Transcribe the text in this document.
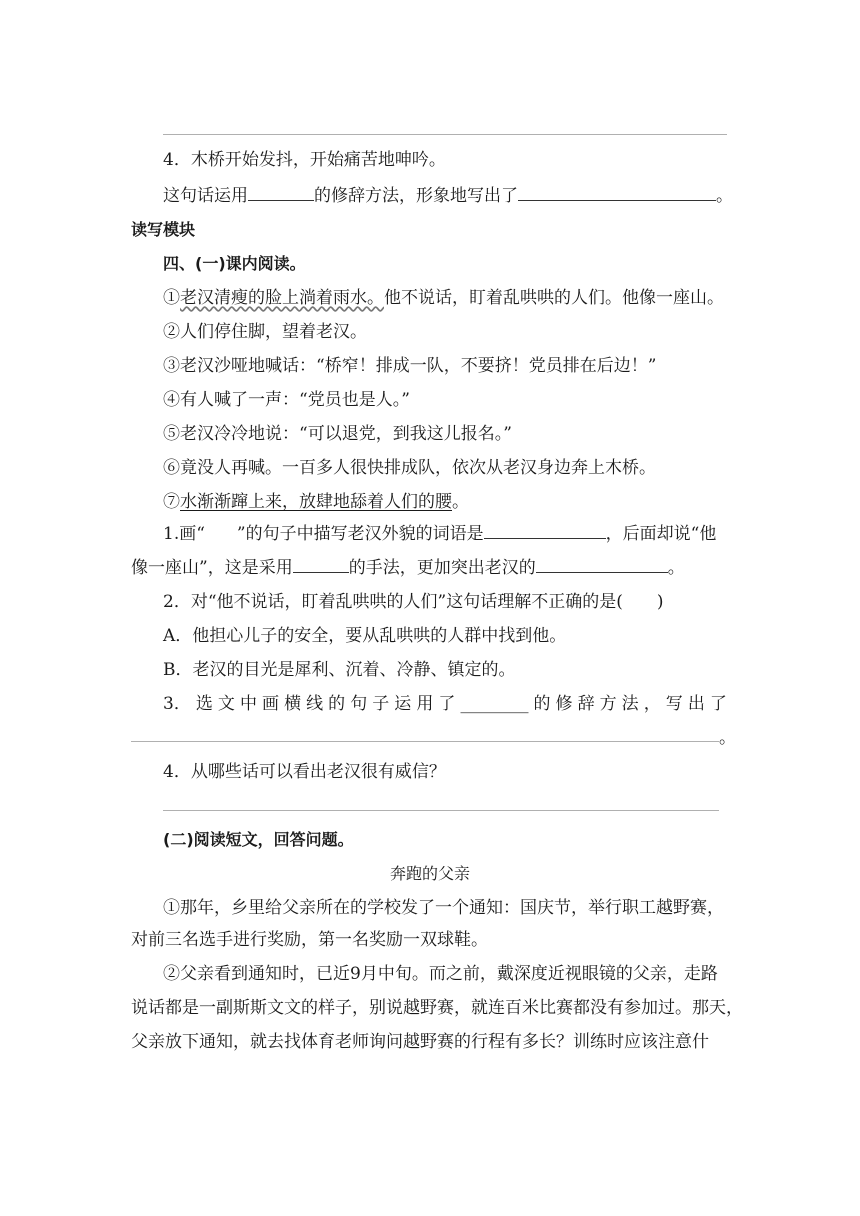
4．木桥开始发抖，开始痛苦地呻吟。
这句话运用	的修辞方法，形象地写出了	。
读写模块
四、(一)课内阅读。
①老汉清瘦的脸上淌着雨水。他不说话，盯着乱哄哄的人们。他像一座山。
②人们停住脚，望着老汉。
③老汉沙哑地喊话：“桥窄！排成一队，不要挤！党员排在后边！”
④有人喊了一声：“党员也是人。”
⑤老汉冷冷地说：“可以退党，到我这儿报名。”
⑥竟没人再喊。一百多人很快排成队，依次从老汉身边奔上木桥。
⑦水渐渐蹿上来，放肆地舔着人们的腰。
1.画“ ”的句子中描写老汉外貌的词语是	，后面却说“他
像一座山”，这是采用	的手法，更加突出老汉的	。
2．对“他不说话，盯着乱哄哄的人们”这句话理解不正确的是(　　)
A．他担心儿子的安全，要从乱哄哄的人群中找到他。
B．老汉的目光是犀利、沉着、冷静、镇定的。
3． 选 文 中 画 横 线 的 句 子 运 用 了 ________ 的 修 辞 方 法 ， 写 出 了
。
4．从哪些话可以看出老汉很有威信？
(二)阅读短文，回答问题。
奔跑的父亲
①那年，乡里给父亲所在的学校发了一个通知：国庆节，举行职工越野赛，
对前三名选手进行奖励，第一名奖励一双球鞋。
②父亲看到通知时，已近9月中旬。而之前，戴深度近视眼镜的父亲，走路
说话都是一副斯斯文文的样子，别说越野赛，就连百米比赛都没有参加过。那天，
父亲放下通知，就去找体育老师询问越野赛的行程有多长？训练时应该注意什
